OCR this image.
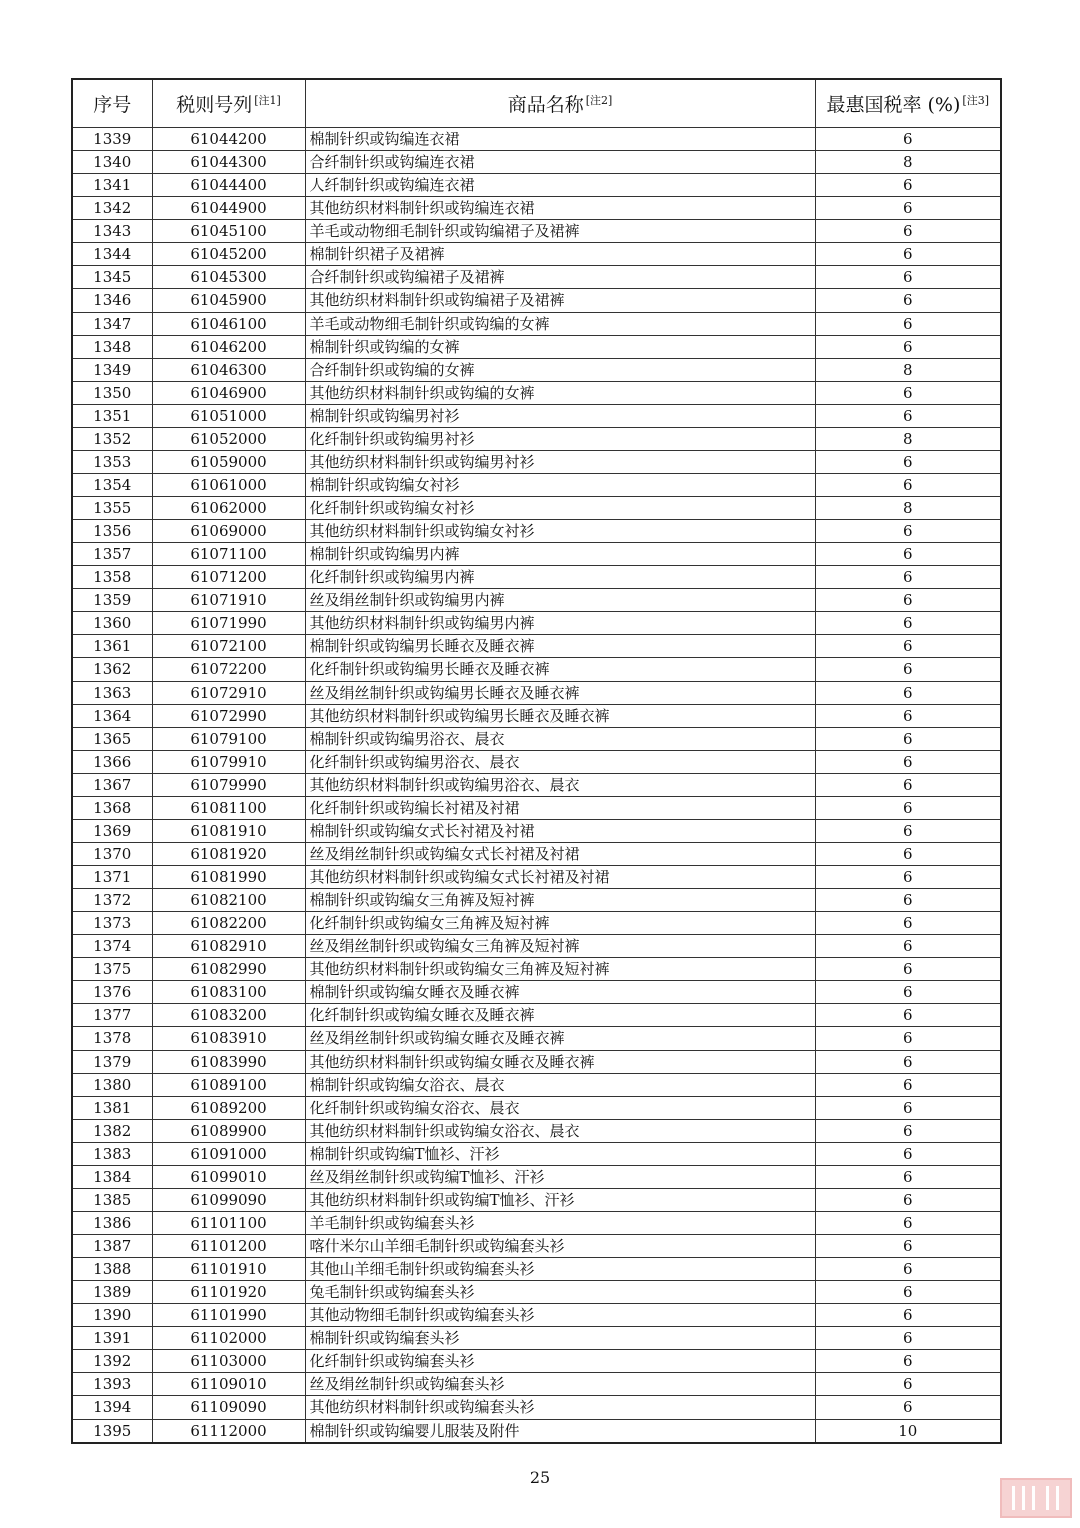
序号	税则号列 [注1]	商品名称 [注2]	最惠国税率 (%) [注3]
1339	61044200	棉制针织或钩编连衣裙	6
1340	61044300	合纤制针织或钩编连衣裙	8
1341	61044400	人纤制针织或钩编连衣裙	6
1342	61044900	其他纺织材料制针织或钩编连衣裙	6
1343	61045100	羊毛或动物细毛制针织或钩编裙子及裙裤	6
1344	61045200	棉制针织裙子及裙裤	6
1345	61045300	合纤制针织或钩编裙子及裙裤	6
1346	61045900	其他纺织材料制针织或钩编裙子及裙裤	6
1347	61046100	羊毛或动物细毛制针织或钩编的女裤	6
1348	61046200	棉制针织或钩编的女裤	6
1349	61046300	合纤制针织或钩编的女裤	8
1350	61046900	其他纺织材料制针织或钩编的女裤	6
1351	61051000	棉制针织或钩编男衬衫	6
1352	61052000	化纤制针织或钩编男衬衫	8
1353	61059000	其他纺织材料制针织或钩编男衬衫	6
1354	61061000	棉制针织或钩编女衬衫	6
1355	61062000	化纤制针织或钩编女衬衫	8
1356	61069000	其他纺织材料制针织或钩编女衬衫	6
1357	61071100	棉制针织或钩编男内裤	6
1358	61071200	化纤制针织或钩编男内裤	6
1359	61071910	丝及绢丝制针织或钩编男内裤	6
1360	61071990	其他纺织材料制针织或钩编男内裤	6
1361	61072100	棉制针织或钩编男长睡衣及睡衣裤	6
1362	61072200	化纤制针织或钩编男长睡衣及睡衣裤	6
1363	61072910	丝及绢丝制针织或钩编男长睡衣及睡衣裤	6
1364	61072990	其他纺织材料制针织或钩编男长睡衣及睡衣裤	6
1365	61079100	棉制针织或钩编男浴衣、晨衣	6
1366	61079910	化纤制针织或钩编男浴衣、晨衣	6
1367	61079990	其他纺织材料制针织或钩编男浴衣、晨衣	6
1368	61081100	化纤制针织或钩编长衬裙及衬裙	6
1369	61081910	棉制针织或钩编女式长衬裙及衬裙	6
1370	61081920	丝及绢丝制针织或钩编女式长衬裙及衬裙	6
1371	61081990	其他纺织材料制针织或钩编女式长衬裙及衬裙	6
1372	61082100	棉制针织或钩编女三角裤及短衬裤	6
1373	61082200	化纤制针织或钩编女三角裤及短衬裤	6
1374	61082910	丝及绢丝制针织或钩编女三角裤及短衬裤	6
1375	61082990	其他纺织材料制针织或钩编女三角裤及短衬裤	6
1376	61083100	棉制针织或钩编女睡衣及睡衣裤	6
1377	61083200	化纤制针织或钩编女睡衣及睡衣裤	6
1378	61083910	丝及绢丝制针织或钩编女睡衣及睡衣裤	6
1379	61083990	其他纺织材料制针织或钩编女睡衣及睡衣裤	6
1380	61089100	棉制针织或钩编女浴衣、晨衣	6
1381	61089200	化纤制针织或钩编女浴衣、晨衣	6
1382	61089900	其他纺织材料制针织或钩编女浴衣、晨衣	6
1383	61091000	棉制针织或钩编T恤衫、汗衫	6
1384	61099010	丝及绢丝制针织或钩编T恤衫、汗衫	6
1385	61099090	其他纺织材料制针织或钩编T恤衫、汗衫	6
1386	61101100	羊毛制针织或钩编套头衫	6
1387	61101200	喀什米尔山羊细毛制针织或钩编套头衫	6
1388	61101910	其他山羊细毛制针织或钩编套头衫	6
1389	61101920	兔毛制针织或钩编套头衫	6
1390	61101990	其他动物细毛制针织或钩编套头衫	6
1391	61102000	棉制针织或钩编套头衫	6
1392	61103000	化纤制针织或钩编套头衫	6
1393	61109010	丝及绢丝制针织或钩编套头衫	6
1394	61109090	其他纺织材料制针织或钩编套头衫	6
1395	61112000	棉制针织或钩编婴儿服装及附件	10
25
